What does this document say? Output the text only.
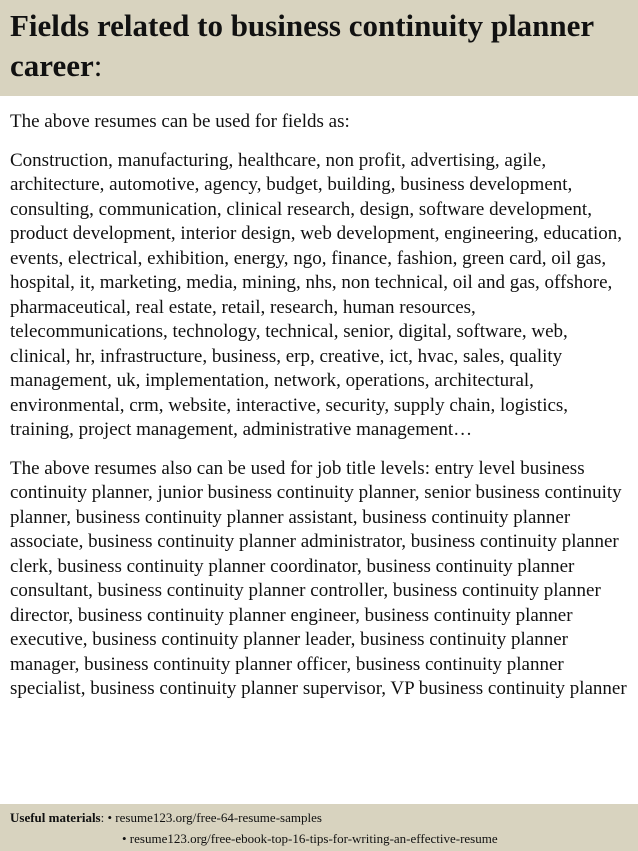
Fields related to business continuity planner career:

The above resumes can be used for fields as:

Construction, manufacturing, healthcare, non profit, advertising, agile, architecture, automotive, agency, budget, building, business development, consulting, communication, clinical research, design, software development, product development, interior design, web development, engineering, education, events, electrical, exhibition, energy, ngo, finance, fashion, green card, oil gas, hospital, it, marketing, media, mining, nhs, non technical, oil and gas, offshore, pharmaceutical, real estate, retail, research, human resources, telecommunications, technology, technical, senior, digital, software, web, clinical, hr, infrastructure, business, erp, creative, ict, hvac, sales, quality management, uk, implementation, network, operations, architectural, environmental, crm, website, interactive, security, supply chain, logistics, training, project management, administrative management…

The above resumes also can be used for job title levels: entry level business continuity planner, junior business continuity planner, senior business continuity planner, business continuity planner assistant, business continuity planner associate, business continuity planner administrator, business continuity planner clerk, business continuity planner coordinator, business continuity planner consultant, business continuity planner controller, business continuity planner director, business continuity planner engineer, business continuity planner executive, business continuity planner leader, business continuity planner manager, business continuity planner officer, business continuity planner specialist, business continuity planner supervisor, VP business continuity planner

Useful materials: • resume123.org/free-64-resume-samples
• resume123.org/free-ebook-top-16-tips-for-writing-an-effective-resume
